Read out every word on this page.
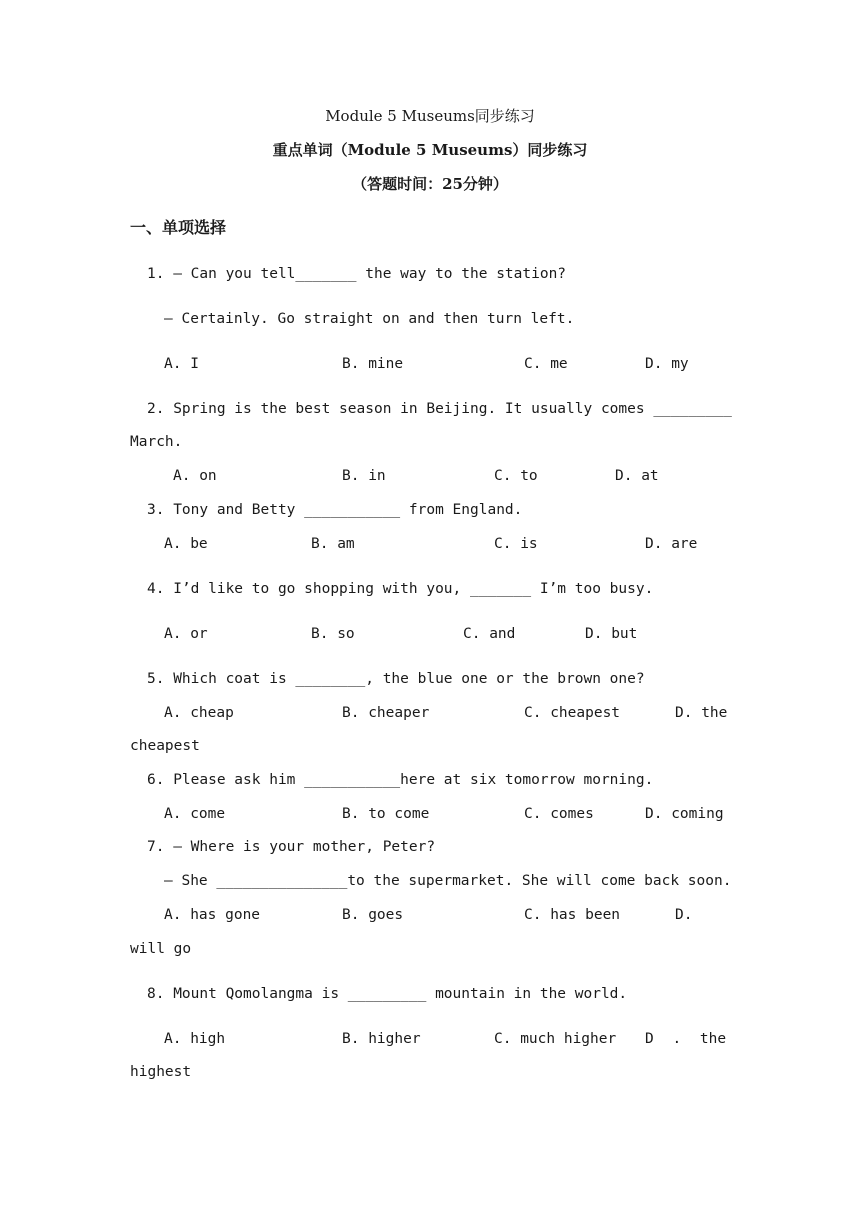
Module 5 Museums同步练习
重点单词（Module 5 Museums）同步练习
（答题时间：25分钟）
一、单项选择
1. — Can you tell_______ the way to the station?
— Certainly. Go straight on and then turn left.
A. I	B. mine	C. me	D. my
2. Spring is the best season in Beijing. It usually comes _________
March.
A. on	B. in	C. to	D. at
3. Tony and Betty ___________ from England.
A. be	B. am	C. is	D. are
4. I’d like to go shopping with you, _______ I’m too busy.
A. or	B. so	C. and	D. but
5. Which coat is ________, the blue one or the brown one?
A. cheap	B. cheaper	C. cheapest	D. the
cheapest
6. Please ask him ___________here at six tomorrow morning.
A. come	B. to come	C. comes	D. coming
7. — Where is your mother, Peter?
— She _______________to the supermarket. She will come back soon.
A. has gone	B. goes	C. has been	D.
will go
8. Mount Qomolangma is _________ mountain in the world.
A. high	B. higher	C. much higher D . the
highest
